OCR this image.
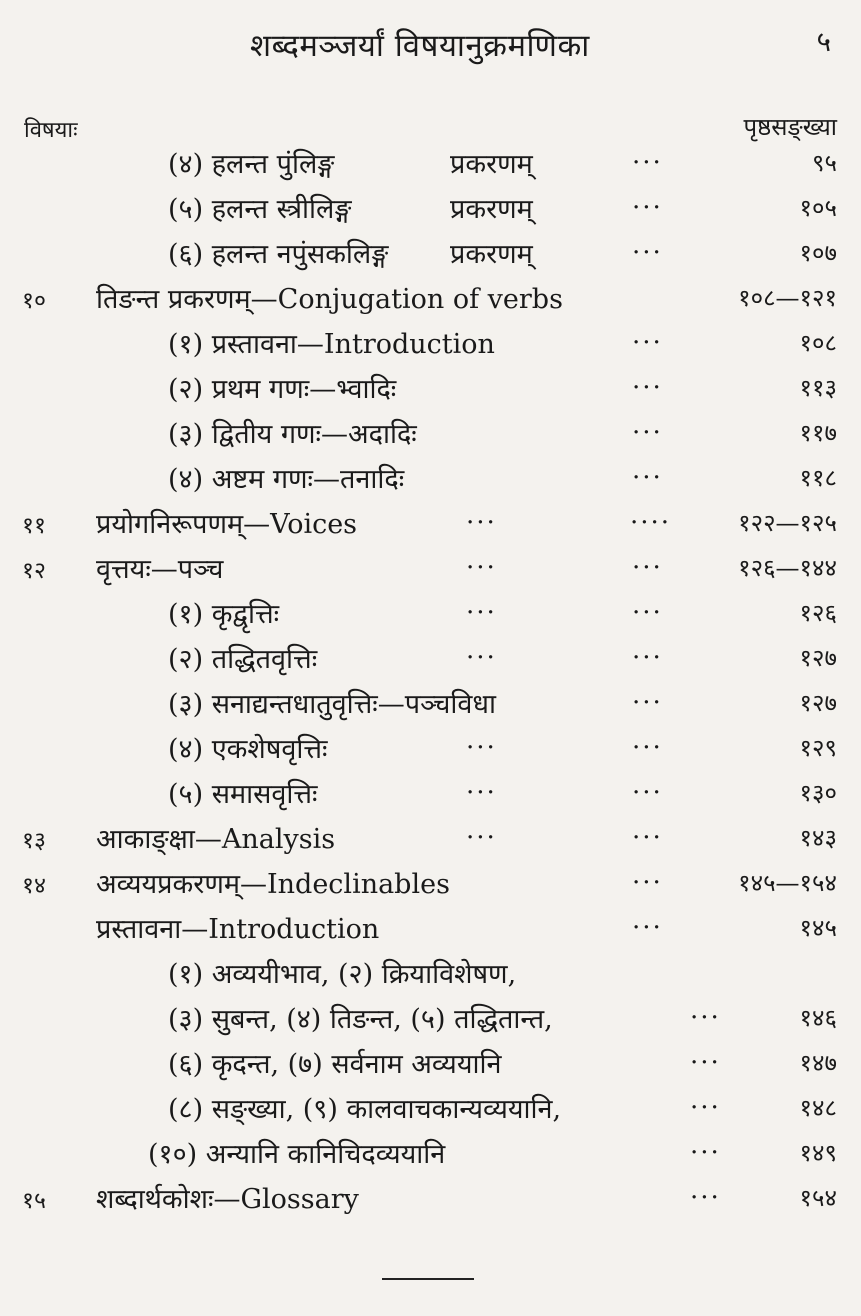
शब्दमञ्जर्यां विषयानुक्रमणिका	५
विषयाः	पृष्ठसङ्ख्या
(४) हलन्त पुंलिङ्ग	प्रकरणम्	...	९५
(५) हलन्त स्त्रीलिङ्ग	प्रकरणम्	...	१०५
(६) हलन्त नपुंसकलिङ्ग प्रकरणम्	...	१०७
१० तिङन्त प्रकरणम्—Conjugation of verbs	१०८—१२१
(१) प्रस्तावना—Introduction	...	१०८
(२) प्रथम गणः—भ्वादिः	...	११३
(३) द्वितीय गणः—अदादिः	...	११७
(४) अष्टम गणः—तनादिः	...	११८
११ प्रयोगनिरूपणम्—Voices	...	....	१२२—१२५
१२ वृत्तयः—पञ्च	...	...	१२६—१४४
(१) कृद्वृत्तिः	...	...	१२६
(२) तद्धितवृत्तिः	...	...	१२७
(३) सनाद्यन्तधातुवृत्तिः—पञ्चविधा	...	१२७
(४) एकशेषवृत्तिः	...	...	१२९
(५) समासवृत्तिः	...	...	१३०
१३ आकाङ्क्षा—Analysis	...	...	१४३
१४ अव्ययप्रकरणम्—Indeclinables	...	१४५—१५४
प्रस्तावना—Introduction	...	१४५
(१) अव्ययीभाव, (२) क्रियाविशेषण,
(३) सुबन्त, (४) तिङन्त, (५) तद्धितान्त,	...	१४६
(६) कृदन्त, (७) सर्वनाम अव्ययानि	...	१४७
(८) सङ्ख्या, (९) कालवाचकान्यव्ययानि,	...	१४८
(१०) अन्यानि कानिचिदव्ययानि	...	१४९
१५ शब्दार्थकोशः—Glossary	...	१५४
